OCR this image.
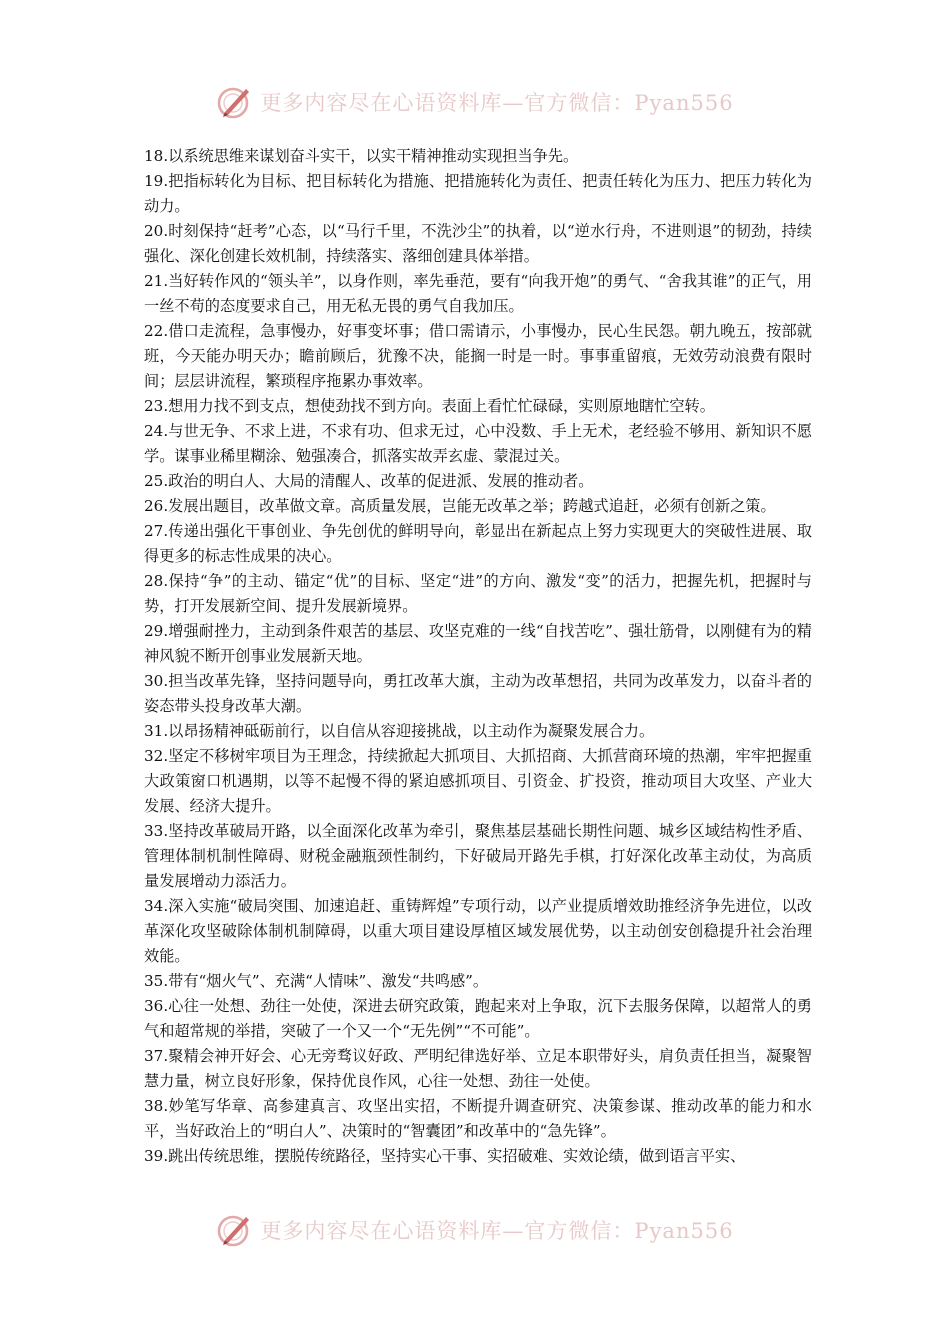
更多内容尽在心语资料库—官方微信：Pyan556

18.以系统思维来谋划奋斗实干，以实干精神推动实现担当争先。

19.把指标转化为目标、把目标转化为措施、把措施转化为责任、把责任转化为压力、把压力转化为动力。

20.时刻保持“赶考”心态，以“马行千里，不洗沙尘”的执着，以“逆水行舟，不进则退”的韧劲，持续强化、深化创建长效机制，持续落实、落细创建具体举措。

21.当好转作风的“领头羊”，以身作则，率先垂范，要有“向我开炮”的勇气、“舍我其谁”的正气，用一丝不苟的态度要求自己，用无私无畏的勇气自我加压。

22.借口走流程，急事慢办，好事变坏事；借口需请示，小事慢办，民心生民怨。朝九晚五，按部就班，今天能办明天办；瞻前顾后，犹豫不决，能搁一时是一时。事事重留痕，无效劳动浪费有限时间；层层讲流程，繁琐程序拖累办事效率。

23.想用力找不到支点，想使劲找不到方向。表面上看忙忙碌碌，实则原地瞎忙空转。

24.与世无争、不求上进，不求有功、但求无过，心中没数、手上无术，老经验不够用、新知识不愿学。谋事业稀里糊涂、勉强凑合，抓落实故弄玄虚、蒙混过关。

25.政治的明白人、大局的清醒人、改革的促进派、发展的推动者。

26.发展出题目，改革做文章。高质量发展，岂能无改革之举；跨越式追赶，必须有创新之策。

27.传递出强化干事创业、争先创优的鲜明导向，彰显出在新起点上努力实现更大的突破性进展、取得更多的标志性成果的决心。

28.保持“争”的主动、锚定“优”的目标、坚定“进”的方向、激发“变”的活力，把握先机，把握时与势，打开发展新空间、提升发展新境界。

29.增强耐挫力，主动到条件艰苦的基层、攻坚克难的一线“自找苦吃”、强壮筋骨，以刚健有为的精神风貌不断开创事业发展新天地。

30.担当改革先锋，坚持问题导向，勇扛改革大旗，主动为改革想招，共同为改革发力，以奋斗者的姿态带头投身改革大潮。

31.以昂扬精神砥砺前行，以自信从容迎接挑战，以主动作为凝聚发展合力。

32.坚定不移树牢项目为王理念，持续掀起大抓项目、大抓招商、大抓营商环境的热潮，牢牢把握重大政策窗口机遇期，以等不起慢不得的紧迫感抓项目、引资金、扩投资，推动项目大攻坚、产业大发展、经济大提升。

33.坚持改革破局开路，以全面深化改革为牵引，聚焦基层基础长期性问题、城乡区域结构性矛盾、管理体制机制性障碍、财税金融瓶颈性制约，下好破局开路先手棋，打好深化改革主动仗，为高质量发展增动力添活力。

34.深入实施“破局突围、加速追赶、重铸辉煌”专项行动，以产业提质增效助推经济争先进位，以改革深化攻坚破除体制机制障碍，以重大项目建设厚植区域发展优势，以主动创安创稳提升社会治理效能。

35.带有“烟火气”、充满“人情味”、激发“共鸣感”。

36.心往一处想、劲往一处使，深进去研究政策，跑起来对上争取，沉下去服务保障，以超常人的勇气和超常规的举措，突破了一个又一个“无先例”“不可能”。

37.聚精会神开好会、心无旁骛议好政、严明纪律选好举、立足本职带好头，肩负责任担当，凝聚智慧力量，树立良好形象，保持优良作风，心往一处想、劲往一处使。

38.妙笔写华章、高参建真言、攻坚出实招，不断提升调查研究、决策参谋、推动改革的能力和水平，当好政治上的“明白人”、决策时的“智囊团”和改革中的“急先锋”。

39.跳出传统思维，摆脱传统路径，坚持实心干事、实招破难、实效论绩，做到语言平实、

更多内容尽在心语资料库—官方微信：Pyan556
